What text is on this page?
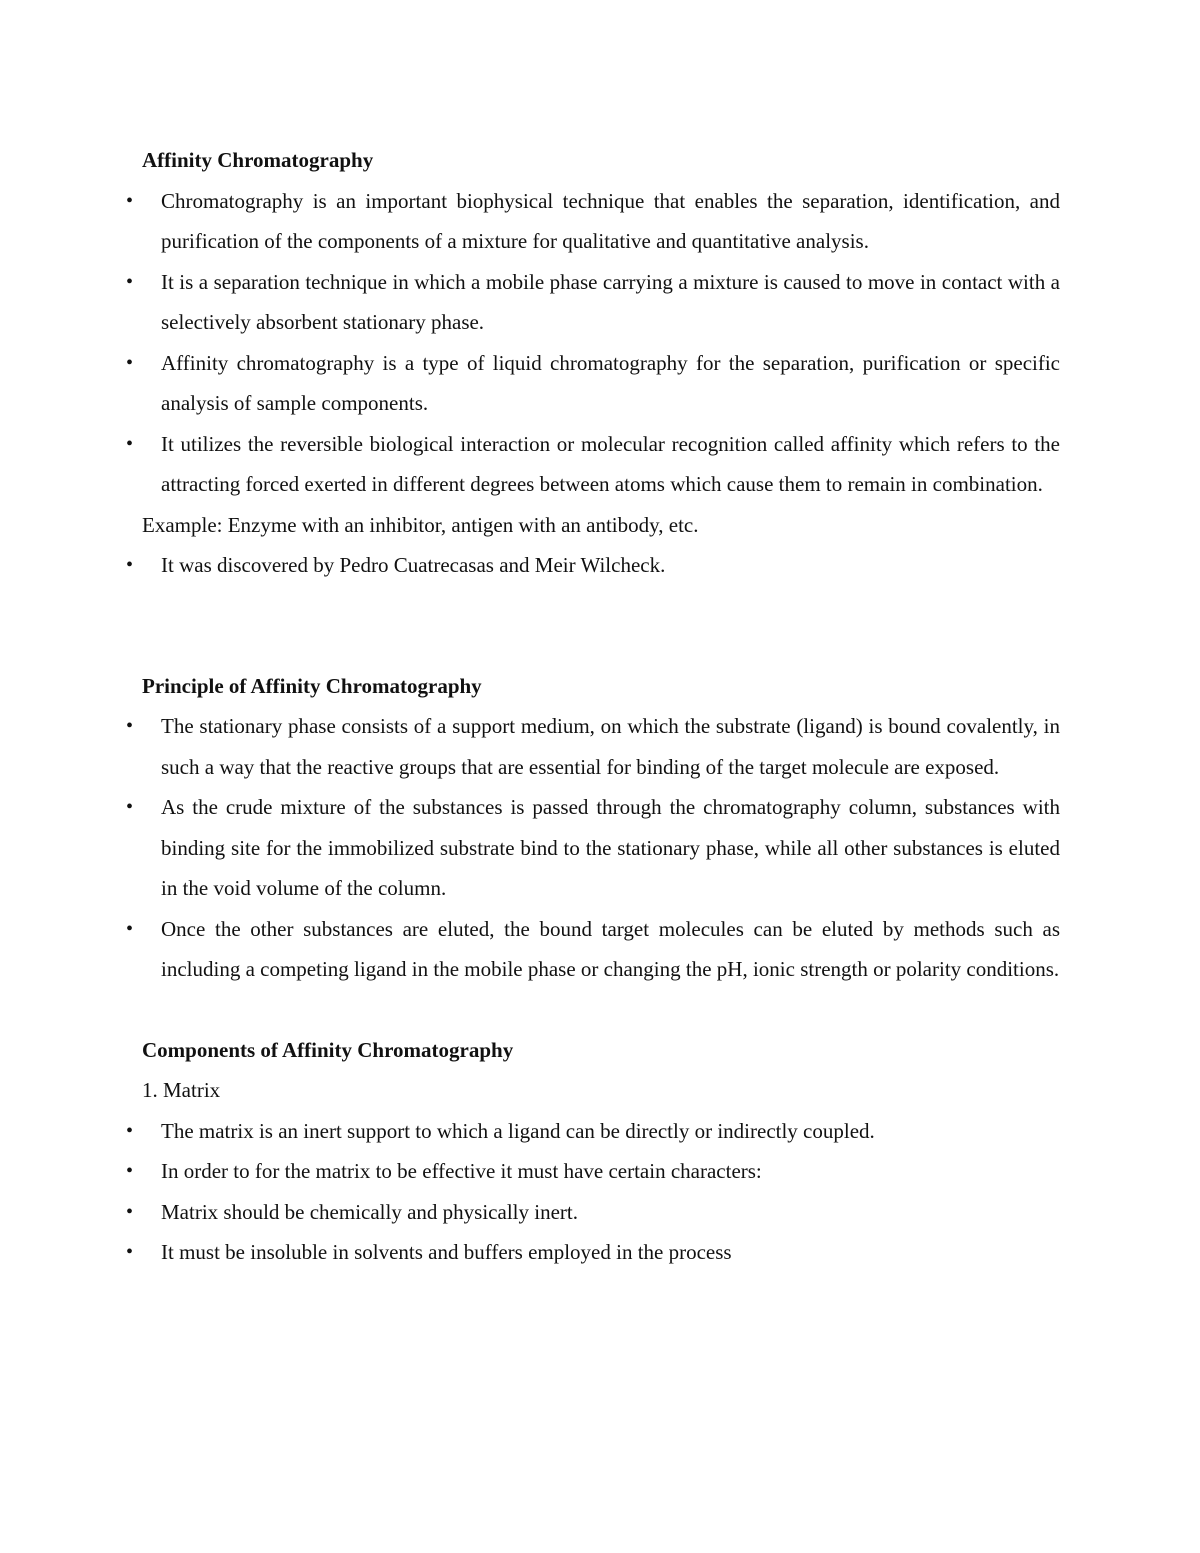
Affinity Chromatography

• Chromatography is an important biophysical technique that enables the separation, identification, and purification of the components of a mixture for qualitative and quantitative analysis.
• It is a separation technique in which a mobile phase carrying a mixture is caused to move in contact with a selectively absorbent stationary phase.
• Affinity chromatography is a type of liquid chromatography for the separation, purification or specific analysis of sample components.
• It utilizes the reversible biological interaction or molecular recognition called affinity which refers to the attracting forced exerted in different degrees between atoms which cause them to remain in combination.

Example: Enzyme with an inhibitor, antigen with an antibody, etc.

• It was discovered by Pedro Cuatrecasas and Meir Wilcheck.

Principle of Affinity Chromatography

• The stationary phase consists of a support medium, on which the substrate (ligand) is bound covalently, in such a way that the reactive groups that are essential for binding of the target molecule are exposed.
• As the crude mixture of the substances is passed through the chromatography column, substances with binding site for the immobilized substrate bind to the stationary phase, while all other substances is eluted in the void volume of the column.
• Once the other substances are eluted, the bound target molecules can be eluted by methods such as including a competing ligand in the mobile phase or changing the pH, ionic strength or polarity conditions.

Components of Affinity Chromatography

1. Matrix

• The matrix is an inert support to which a ligand can be directly or indirectly coupled.
• In order to for the matrix to be effective it must have certain characters:
• Matrix should be chemically and physically inert.
• It must be insoluble in solvents and buffers employed in the process
